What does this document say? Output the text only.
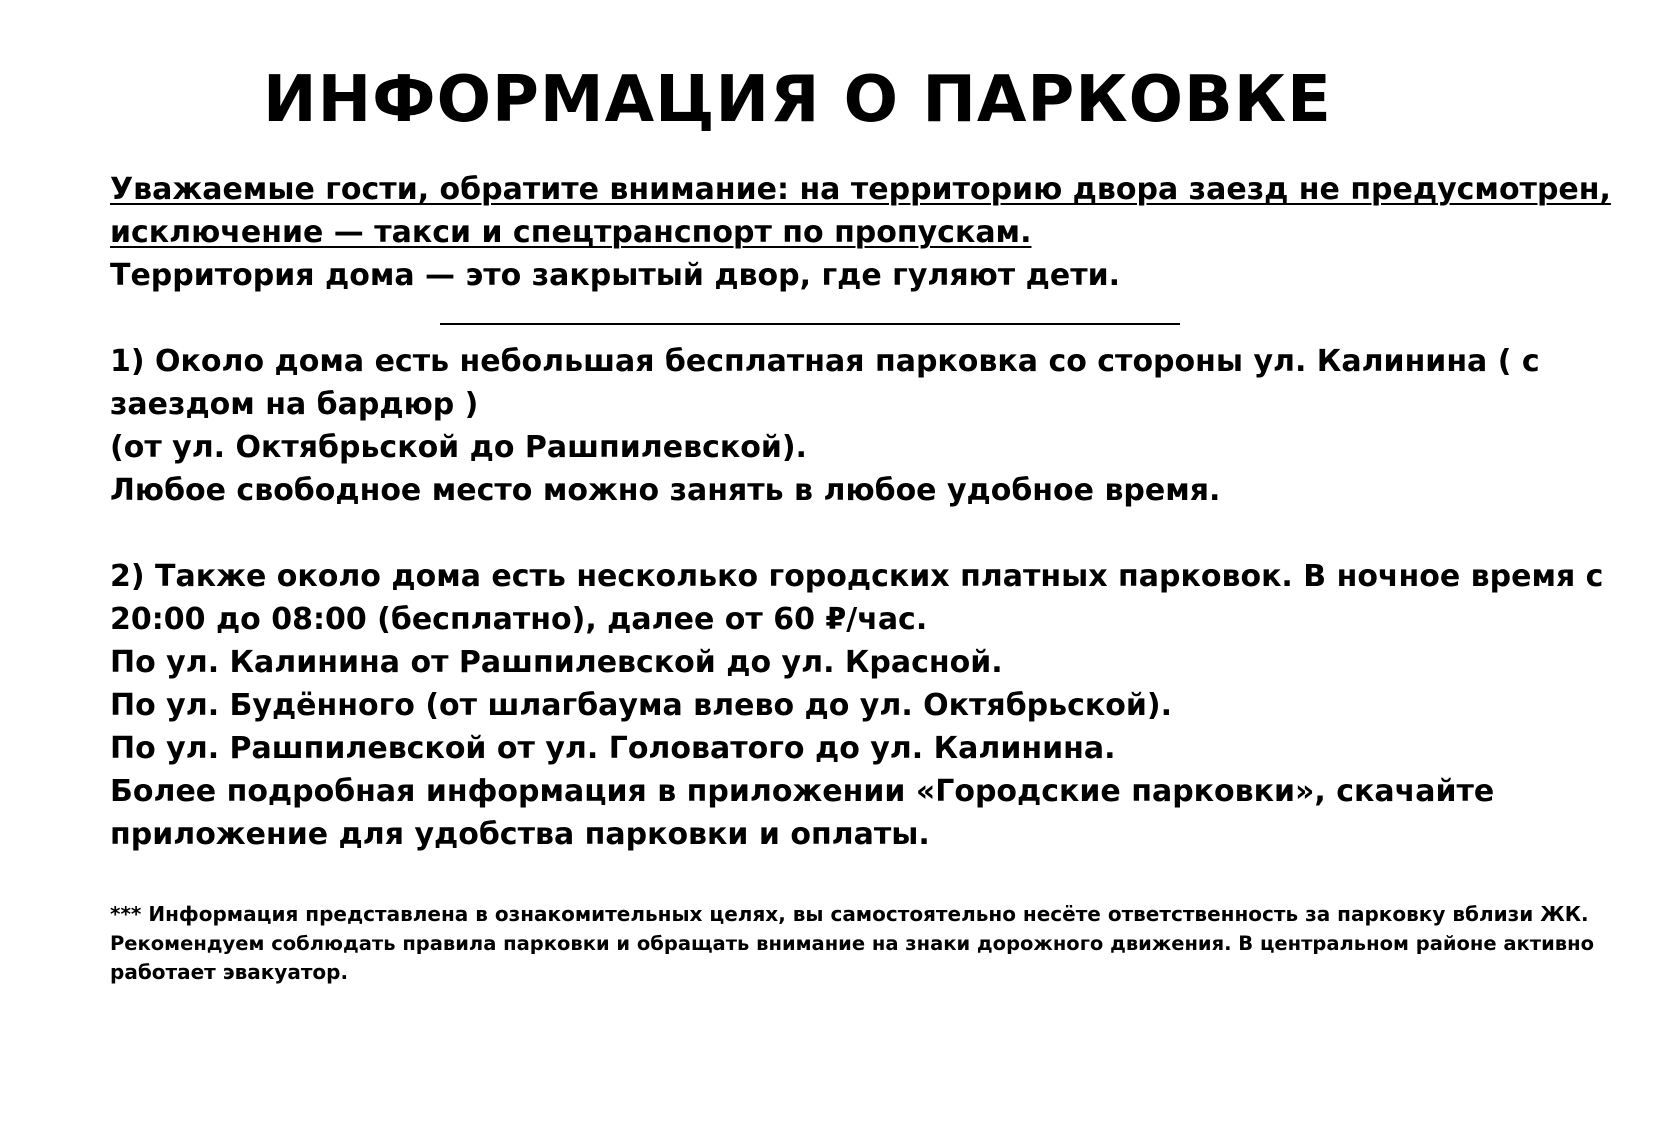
ИНФОРМАЦИЯ О ПАРКОВКЕ
Уважаемые гости, обратите внимание: на территорию двора заезд не предусмотрен,
исключение — такси и спецтранспорт по пропускам.
Территория дома — это закрытый двор, где гуляют дети.
1) Около дома есть небольшая бесплатная парковка со стороны ул. Калинина ( с
заездом на бардюр )
(от ул. Октябрьской до Рашпилевской).
Любое свободное место можно занять в любое удобное время.
2) Также около дома есть несколько городских платных парковок. В ночное время с
20:00 до 08:00 (бесплатно), далее от 60 ₽/час.
По ул. Калинина от Рашпилевской до ул. Красной.
По ул. Будённого (от шлагбаума влево до ул. Октябрьской).
По ул. Рашпилевской от ул. Головатого до ул. Калинина.
Более подробная информация в приложении «Городские парковки», скачайте
приложение для удобства парковки и оплаты.
*** Информация представлена в ознакомительных целях, вы самостоятельно несёте ответственность за парковку вблизи ЖК.
Рекомендуем соблюдать правила парковки и обращать внимание на знаки дорожного движения. В центральном районе активно
работает эвакуатор.
